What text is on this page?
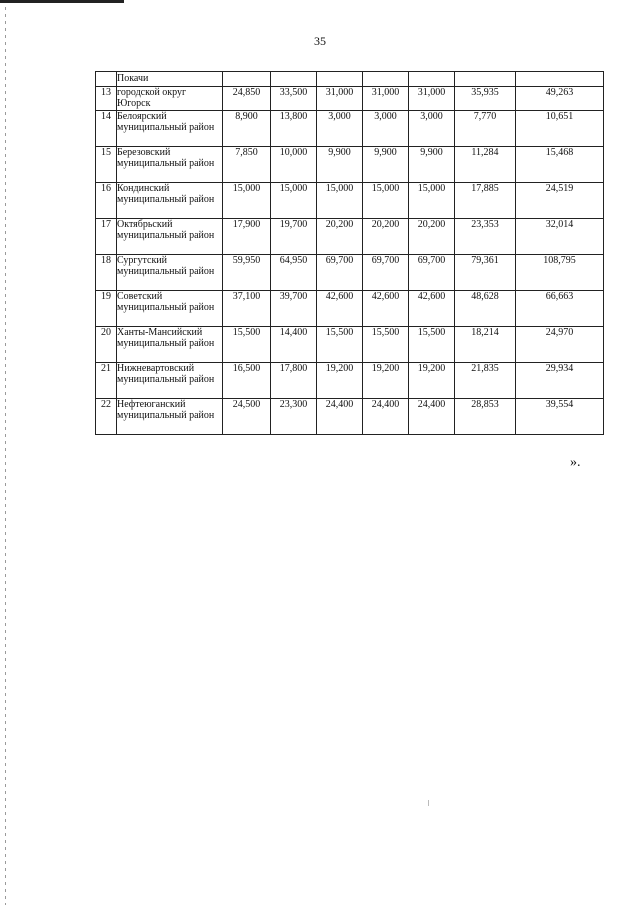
35
	Покачи							
13	городской округ Югорск	24,850	33,500	31,000	31,000	31,000	35,935	49,263
14	Белоярский муниципальный район	8,900	13,800	3,000	3,000	3,000	7,770	10,651
15	Березовский муниципальный район	7,850	10,000	9,900	9,900	9,900	11,284	15,468
16	Кондинский муниципальный район	15,000	15,000	15,000	15,000	15,000	17,885	24,519
17	Октябрьский муниципальный район	17,900	19,700	20,200	20,200	20,200	23,353	32,014
18	Сургутский муниципальный район	59,950	64,950	69,700	69,700	69,700	79,361	108,795
19	Советский муниципальный район	37,100	39,700	42,600	42,600	42,600	48,628	66,663
20	Ханты-Мансийский муниципальный район	15,500	14,400	15,500	15,500	15,500	18,214	24,970
21	Нижневартовский муниципальный район	16,500	17,800	19,200	19,200	19,200	21,835	29,934
22	Нефтеюганский муниципальный район	24,500	23,300	24,400	24,400	24,400	28,853	39,554
».
